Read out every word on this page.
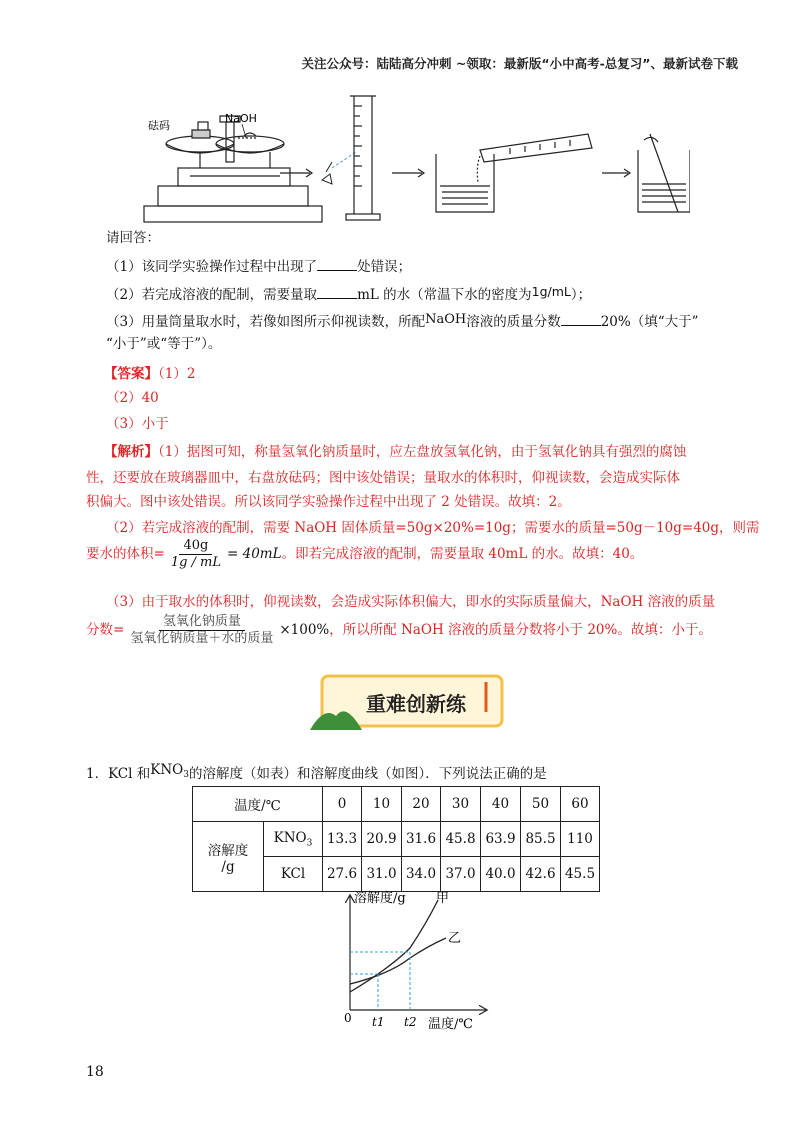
关注公众号：陆陆高分冲刺 ~领取：最新版“小中高考-总复习”、最新试卷下载
砝码
NaOH
请回答：
（1）该同学实验操作过程中出现了	处错误；
（2）若完成溶液的配制，需要量取	mL 的水（常温下水的密度为1g/mL）；
（3）用量筒量取水时，若像如图所示仰视读数，所配NaOH溶液的质量分数	20%（填“大于”
“小于”或“等于”）。
【答案】（1）2
（2）40
（3）小于
【解析】（1）据图可知，称量氢氧化钠质量时，应左盘放氢氧化钠，由于氢氧化钠具有强烈的腐蚀
性，还要放在玻璃器皿中，右盘放砝码；图中该处错误；量取水的体积时，仰视读数，会造成实际体
积偏大。图中该处错误。所以该同学实验操作过程中出现了 2 处错误。故填：2。
（2）若完成溶液的配制，需要 NaOH 固体质量=50g×20%=10g；需要水的质量=50g－10g=40g，则需
要水的体积= $\frac{40g}{1g / mL} = 40mL$。即若完成溶液的配制，需要量取 40mL 的水。故填：40。
（3）由于取水的体积时，仰视读数，会造成实际体积偏大，即水的实际质量偏大，NaOH 溶液的质量
分数= $\frac{\text{氢氧化钠质量}}{\text{氢氧化钠质量＋水的质量}} \times 100\%$，所以所配 NaOH 溶液的质量分数将小于 20%。故填：小于。
重难创新练
1．KCl 和$KNO_3$的溶解度（如表）和溶解度曲线（如图）．下列说法正确的是
温度/℃		0	10	20	30	40	50	60

溶解度
/g	$KNO_3$	13.3	20.9	31.6	45.8	63.9	85.5	110
	KCl	27.6	31.0	34.0	37.0	40.0	42.6	45.5
溶解度/g 甲
乙
0 t1 t2 温度/℃
18
